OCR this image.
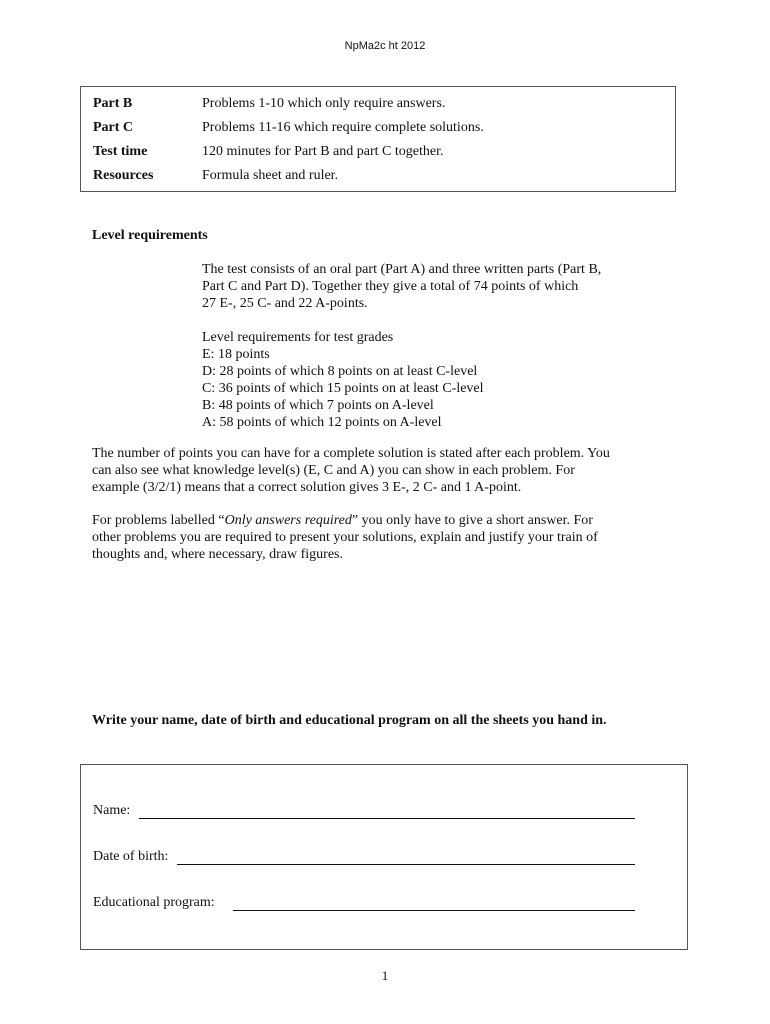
NpMa2c ht 2012
Part B	Problems 1-10 which only require answers.
Part C	Problems 11-16 which require complete solutions.
Test time	120 minutes for Part B and part C together.
Resources	Formula sheet and ruler.
Level requirements
The test consists of an oral part (Part A) and three written parts (Part B,
Part C and Part D). Together they give a total of 74 points of which
27 E-, 25 C- and 22 A-points.
Level requirements for test grades
E: 18 points
D: 28 points of which 8 points on at least C-level
C: 36 points of which 15 points on at least C-level
B: 48 points of which 7 points on A-level
A: 58 points of which 12 points on A-level
The number of points you can have for a complete solution is stated after each problem. You
can also see what knowledge level(s) (E, C and A) you can show in each problem. For
example (3/2/1) means that a correct solution gives 3 E-, 2 C- and 1 A-point.
For problems labelled “Only answers required” you only have to give a short answer. For
other problems you are required to present your solutions, explain and justify your train of
thoughts and, where necessary, draw figures.
Write your name, date of birth and educational program on all the sheets you hand in.
Name:
Date of birth:
Educational program:
1
